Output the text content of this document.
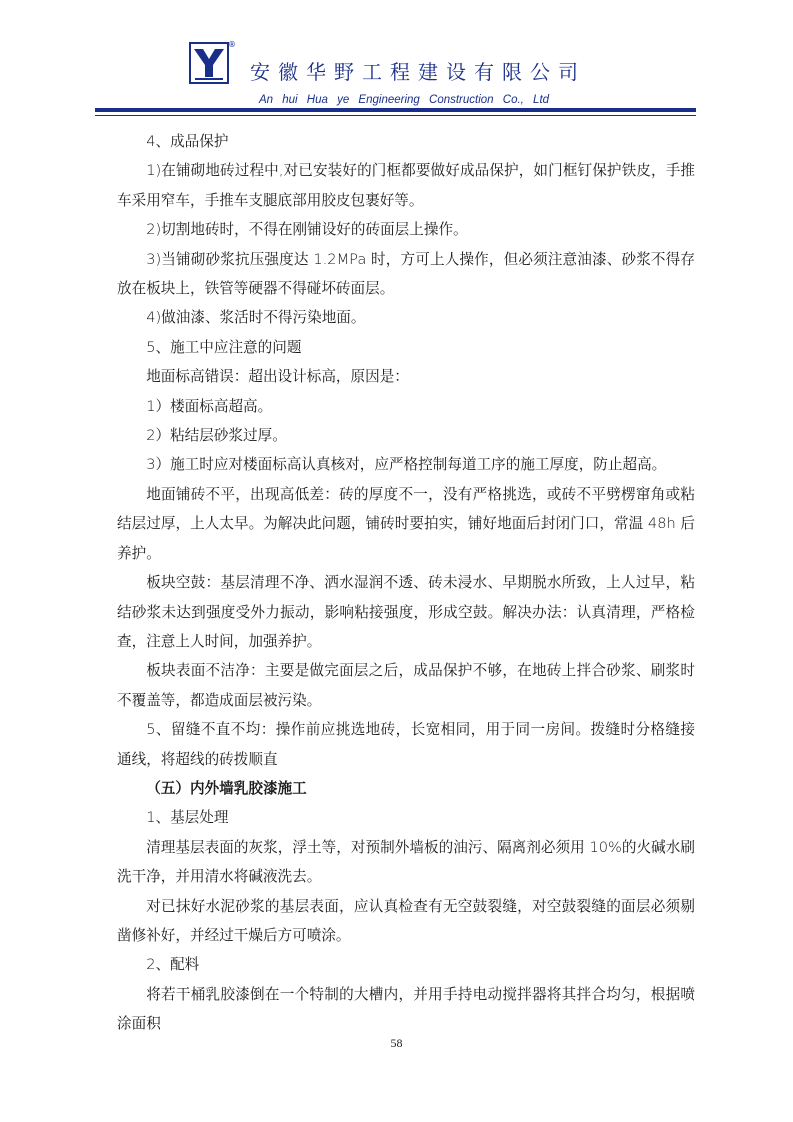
®
安徽华野工程建设有限公司
An hui Hua ye Engineering Construction Co., Ltd

4、成品保护

1)在铺砌地砖过程中,对已安装好的门框都要做好成品保护，如门框钉保护铁皮，手推车采用窄车，手推车支腿底部用胶皮包裹好等。

2)切割地砖时，不得在刚铺设好的砖面层上操作。

3)当铺砌砂浆抗压强度达 1.2MPa 时，方可上人操作，但必须注意油漆、砂浆不得存放在板块上，铁管等硬器不得碰坏砖面层。

4)做油漆、浆活时不得污染地面。

5、施工中应注意的问题

地面标高错误：超出设计标高，原因是：

1）楼面标高超高。

2）粘结层砂浆过厚。

3）施工时应对楼面标高认真核对，应严格控制每道工序的施工厚度，防止超高。

地面铺砖不平，出现高低差：砖的厚度不一，没有严格挑选，或砖不平劈楞窜角或粘结层过厚，上人太早。为解决此问题，铺砖时要拍实，铺好地面后封闭门口，常温 48h 后养护。

板块空鼓：基层清理不净、洒水湿润不透、砖未浸水、早期脱水所致，上人过早，粘结砂浆未达到强度受外力振动，影响粘接强度，形成空鼓。解决办法：认真清理，严格检查，注意上人时间，加强养护。

板块表面不洁净：主要是做完面层之后，成品保护不够，在地砖上拌合砂浆、刷浆时不覆盖等，都造成面层被污染。

5、留缝不直不均：操作前应挑选地砖，长宽相同，用于同一房间。拨缝时分格缝接通线，将超线的砖拨顺直

（五）内外墙乳胶漆施工

1、基层处理

清理基层表面的灰浆，浮土等，对预制外墙板的油污、隔离剂必须用 10%的火碱水刷洗干净，并用清水将碱液洗去。

对已抹好水泥砂浆的基层表面，应认真检查有无空鼓裂缝，对空鼓裂缝的面层必须剔凿修补好，并经过干燥后方可喷涂。

2、配料

将若干桶乳胶漆倒在一个特制的大槽内，并用手持电动搅拌器将其拌合均匀，根据喷涂面积

58
